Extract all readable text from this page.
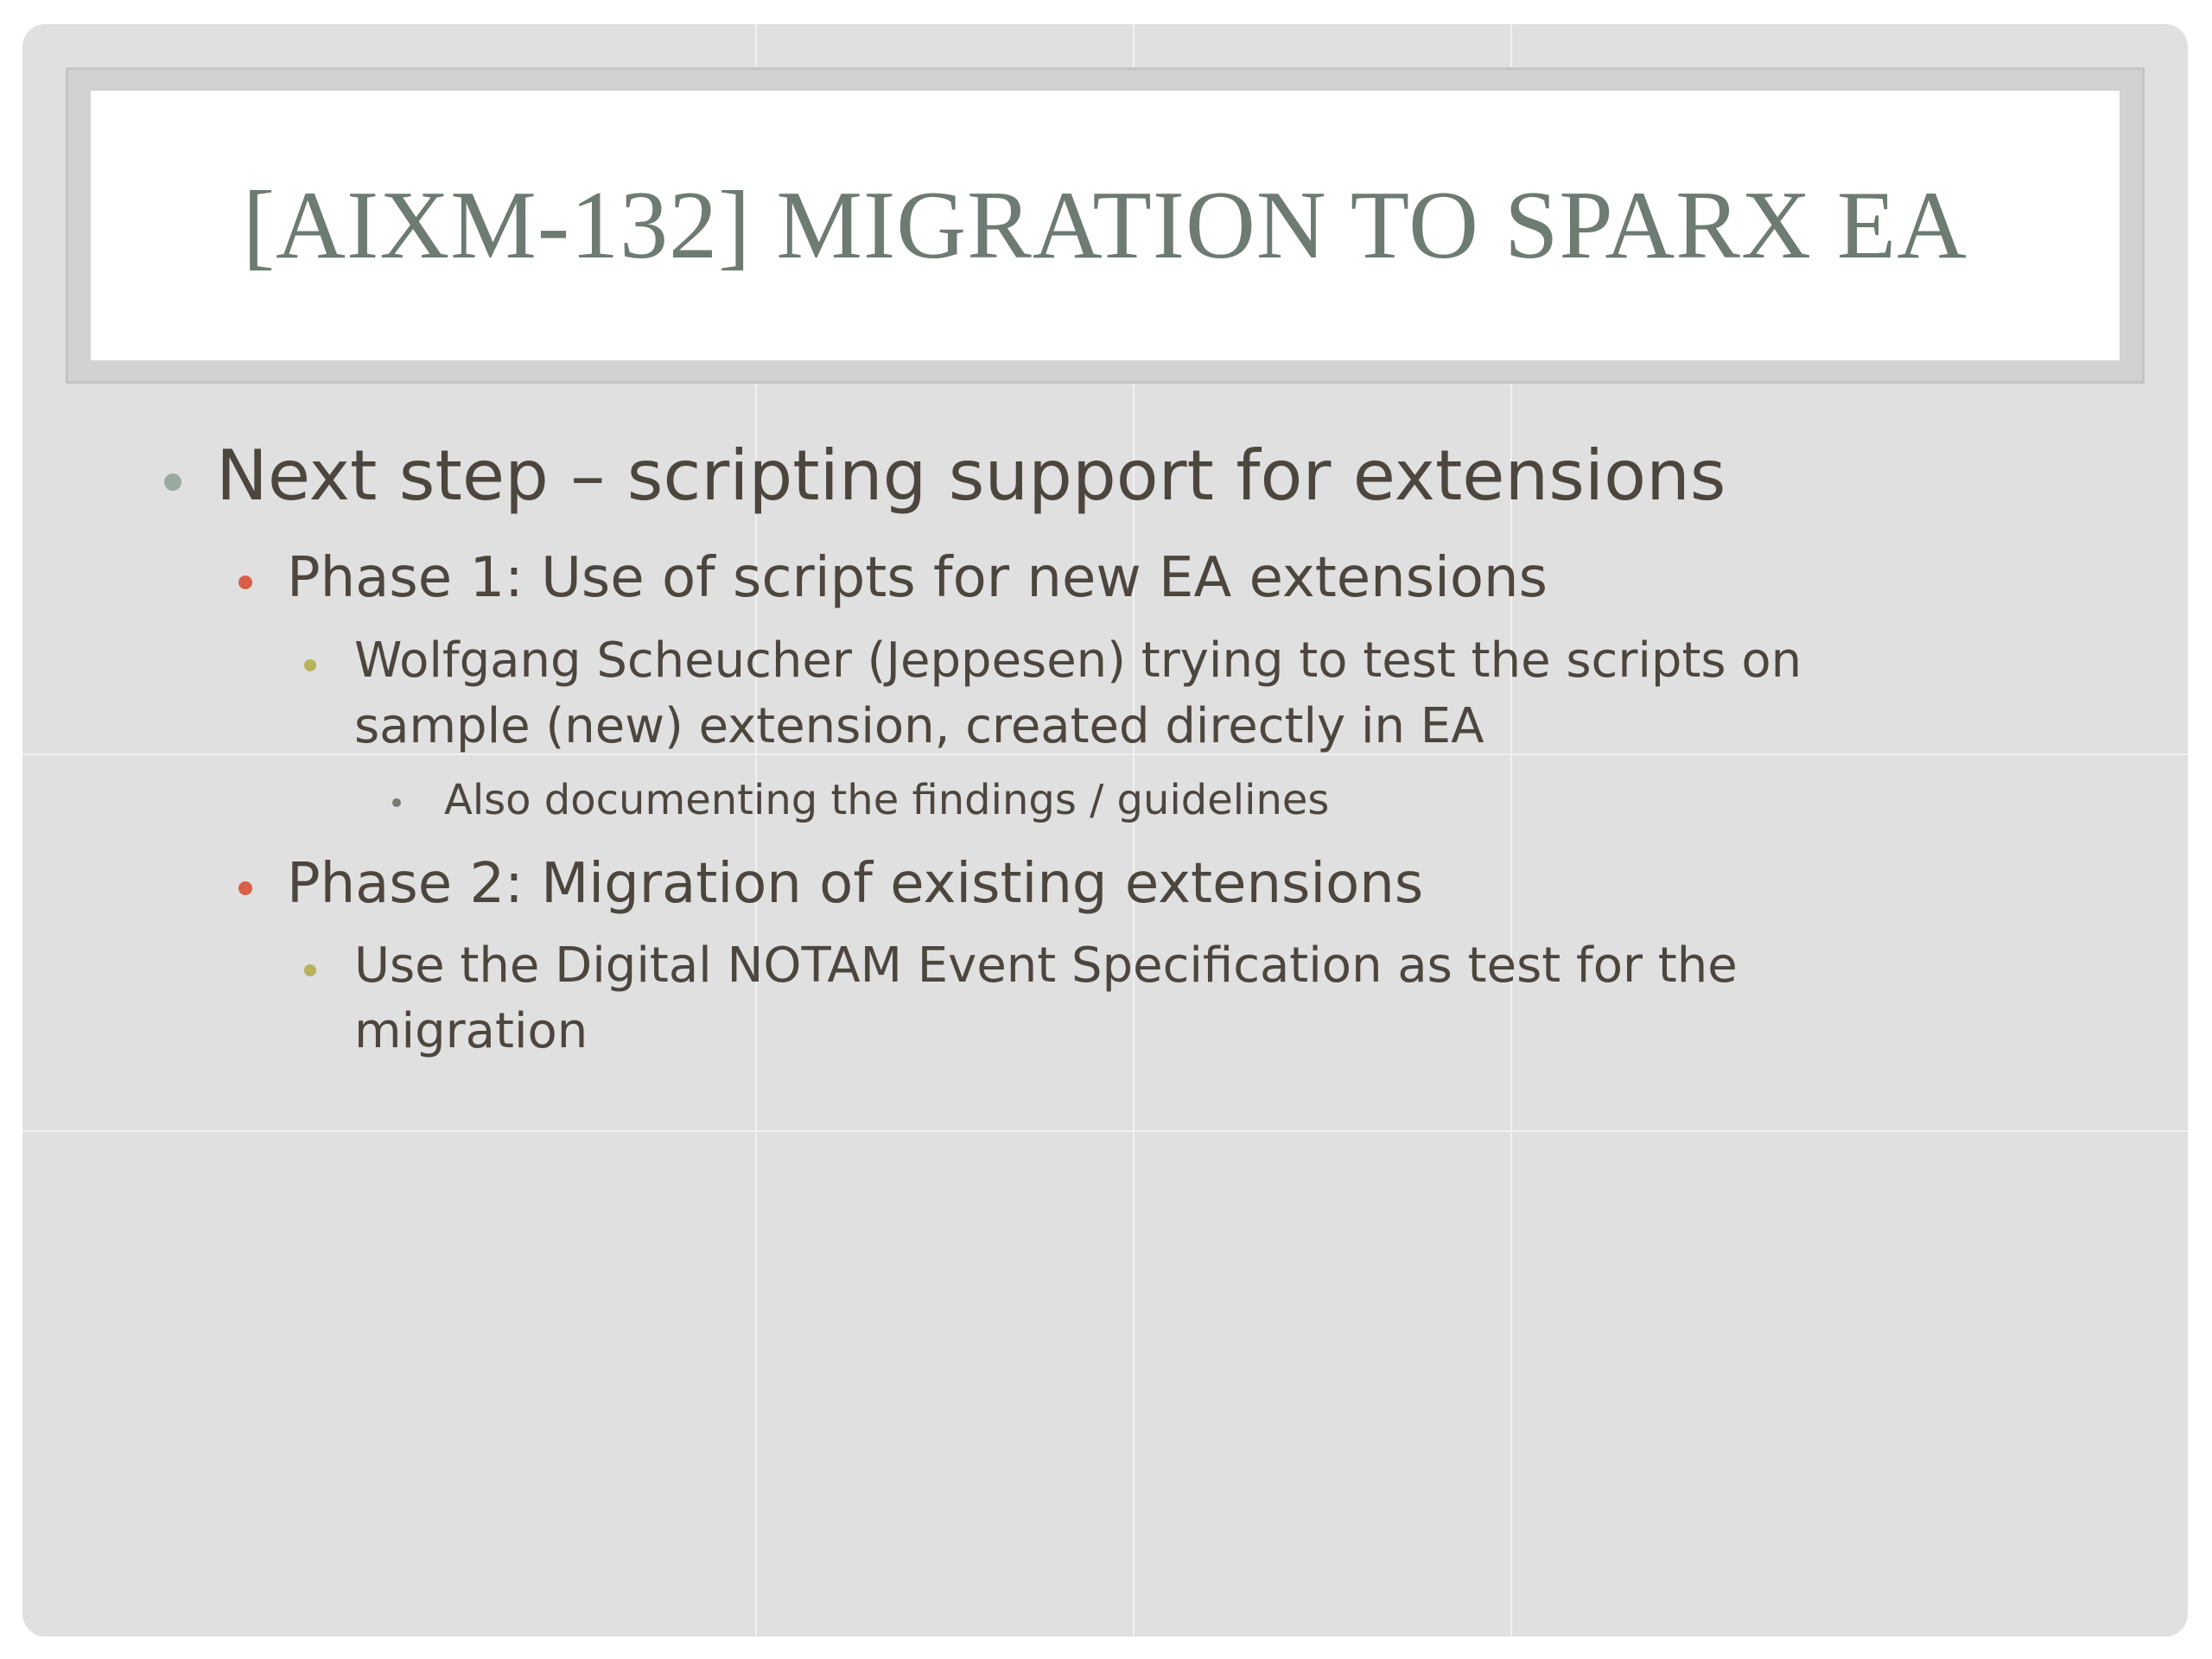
[AIXM-132] MIGRATION TO SPARX EA
Next step – scripting support for extensions
Phase 1: Use of scripts for new EA extensions
Wolfgang Scheucher (Jeppesen) trying to test the scripts on
sample (new) extension, created directly in EA
Also documenting the findings / guidelines
Phase 2: Migration of existing extensions
Use the Digital NOTAM Event Specification as test for the
migration
